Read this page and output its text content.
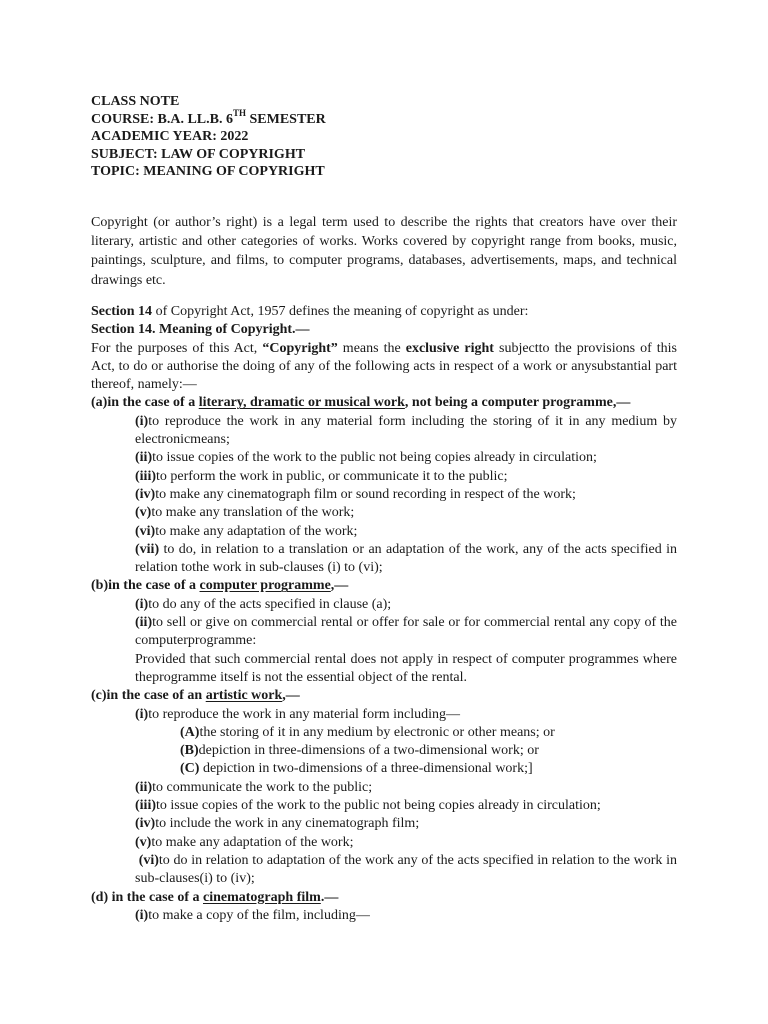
CLASS NOTE

COURSE: B.A. LL.B. 6TH SEMESTER

ACADEMIC YEAR: 2022

SUBJECT: LAW OF COPYRIGHT

TOPIC: MEANING OF COPYRIGHT

Copyright (or author’s right) is a legal term used to describe the rights that creators have over their literary, artistic and other categories of works. Works covered by copyright range from books, music, paintings, sculpture, and films, to computer programs, databases, advertisements, maps, and technical drawings etc.

Section 14 of Copyright Act, 1957 defines the meaning of copyright as under:

Section 14. Meaning of Copyright.—

For the purposes of this Act, “Copyright” means the exclusive right subjectto the provisions of this Act, to do or authorise the doing of any of the following acts in respect of a work or anysubstantial part thereof, namely:—

(a)in the case of a literary, dramatic or musical work, not being a computer programme,—

(i)to reproduce the work in any material form including the storing of it in any medium by electronicmeans;

(ii)to issue copies of the work to the public not being copies already in circulation;

(iii)to perform the work in public, or communicate it to the public;

(iv)to make any cinematograph film or sound recording in respect of the work;

(v)to make any translation of the work;

(vi)to make any adaptation of the work;

(vii) to do, in relation to a translation or an adaptation of the work, any of the acts specified in relation tothe work in sub-clauses (i) to (vi);

(b)in the case of a computer programme,—

(i)to do any of the acts specified in clause (a);

(ii)to sell or give on commercial rental or offer for sale or for commercial rental any copy of the computerprogramme:

Provided that such commercial rental does not apply in respect of computer programmes where theprogramme itself is not the essential object of the rental.

(c)in the case of an artistic work,—

(i)to reproduce the work in any material form including—

(A)the storing of it in any medium by electronic or other means; or

(B)depiction in three-dimensions of a two-dimensional work; or

(C) depiction in two-dimensions of a three-dimensional work;]

(ii)to communicate the work to the public;

(iii)to issue copies of the work to the public not being copies already in circulation;

(iv)to include the work in any cinematograph film;

(v)to make any adaptation of the work;

(vi)to do in relation to adaptation of the work any of the acts specified in relation to the work in sub-clauses(i) to (iv);

(d) in the case of a cinematograph film.—

(i)to make a copy of the film, including—
